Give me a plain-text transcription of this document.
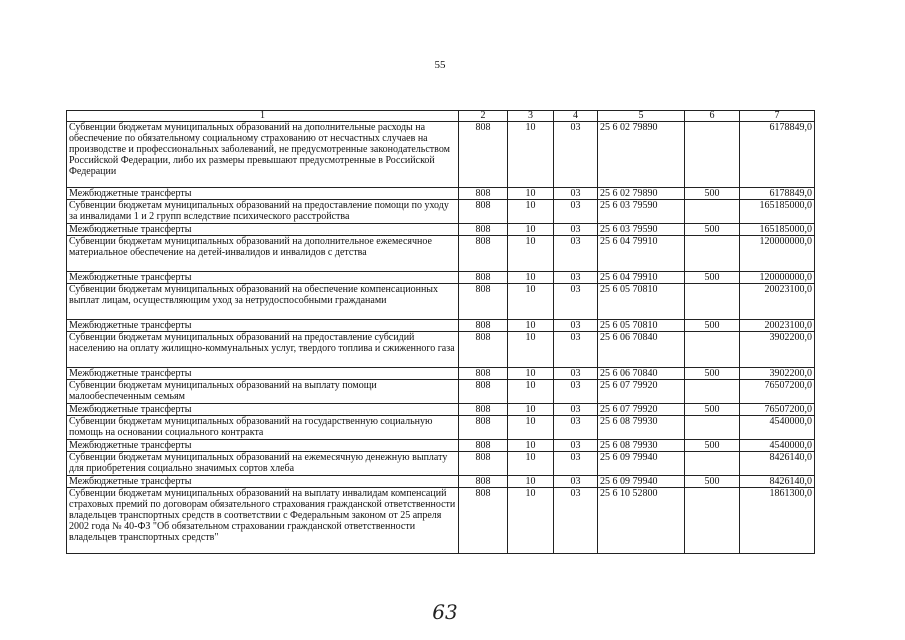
55
1	2	3	4	5	6	7
Субвенции бюджетам муниципальных образований на дополнительные расходы на обеспечение по обязательному социальному страхованию от несчастных случаев на производстве и профессиональных заболеваний, не предусмотренные законодательством Российской Федерации, либо их размеры превышают предусмотренные в Российской Федерации	808	10	03	25 6 02 79890		6178849,0
Межбюджетные трансферты	808	10	03	25 6 02 79890	500	6178849,0
Субвенции бюджетам муниципальных образований на предоставление помощи по уходу за инвалидами 1 и 2 групп вследствие психического расстройства	808	10	03	25 6 03 79590		165185000,0
Межбюджетные трансферты	808	10	03	25 6 03 79590	500	165185000,0
Субвенции бюджетам муниципальных образований на дополнительное ежемесячное материальное обеспечение на детей-инвалидов и инвалидов с детства	808	10	03	25 6 04 79910		120000000,0
Межбюджетные трансферты	808	10	03	25 6 04 79910	500	120000000,0
Субвенции бюджетам муниципальных образований на обеспечение компенсационных выплат лицам, осуществляющим уход за нетрудоспособными гражданами	808	10	03	25 6 05 70810		20023100,0
Межбюджетные трансферты	808	10	03	25 6 05 70810	500	20023100,0
Субвенции бюджетам муниципальных образований на предоставление субсидий населению на оплату жилищно-коммунальных услуг, твердого топлива и сжиженного газа	808	10	03	25 6 06 70840		3902200,0
Межбюджетные трансферты	808	10	03	25 6 06 70840	500	3902200,0
Субвенции бюджетам муниципальных образований на выплату помощи малообеспеченным семьям	808	10	03	25 6 07 79920		76507200,0
Межбюджетные трансферты	808	10	03	25 6 07 79920	500	76507200,0
Субвенции бюджетам муниципальных образований на государственную социальную помощь на основании социального контракта	808	10	03	25 6 08 79930		4540000,0
Межбюджетные трансферты	808	10	03	25 6 08 79930	500	4540000,0
Субвенции бюджетам муниципальных образований на ежемесячную денежную выплату для приобретения социально значимых сортов хлеба	808	10	03	25 6 09 79940		8426140,0
Межбюджетные трансферты	808	10	03	25 6 09 79940	500	8426140,0
Субвенции бюджетам муниципальных образований на выплату инвалидам компенсаций страховых премий по договорам обязательного страхования гражданской ответственности владельцев транспортных средств в соответствии с Федеральным законом от 25 апреля 2002 года № 40-ФЗ "Об обязательном страховании гражданской ответственности владельцев транспортных средств"	808	10	03	25 6 10 52800		1861300,0
63
